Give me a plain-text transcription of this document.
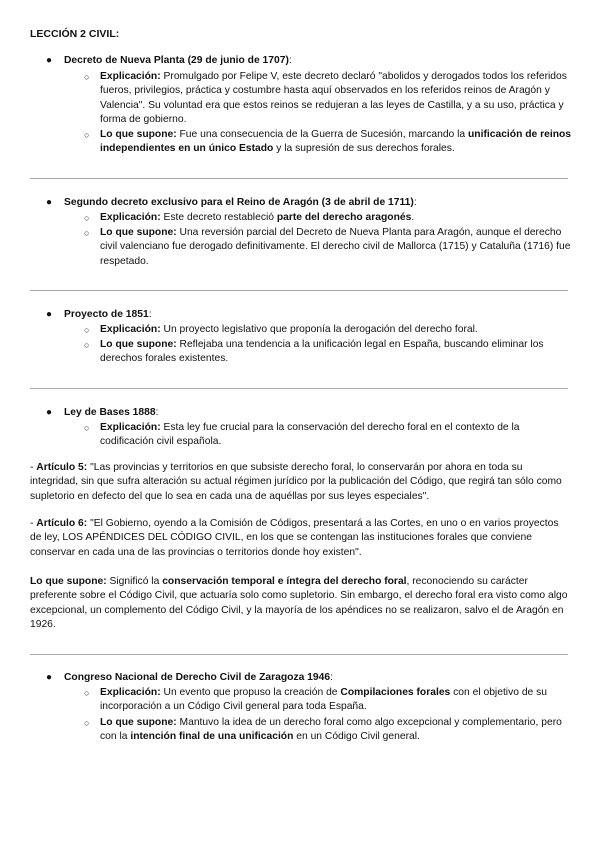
LECCIÓN 2 CIVIL:
●	Decreto de Nueva Planta (29 de junio de 1707):
○	Explicación: Promulgado por Felipe V, este decreto declaró "abolidos y derogados todos los referidos fueros, privilegios, práctica y costumbre hasta aquí observados en los referidos reinos de Aragón y Valencia". Su voluntad era que estos reinos se redujeran a las leyes de Castilla, y a su uso, práctica y forma de gobierno.
○	Lo que supone: Fue una consecuencia de la Guerra de Sucesión, marcando la unificación de reinos independientes en un único Estado y la supresión de sus derechos forales.
●	Segundo decreto exclusivo para el Reino de Aragón (3 de abril de 1711):
○	Explicación: Este decreto restableció parte del derecho aragonés.
○	Lo que supone: Una reversión parcial del Decreto de Nueva Planta para Aragón, aunque el derecho civil valenciano fue derogado definitivamente. El derecho civil de Mallorca (1715) y Cataluña (1716) fue respetado.
●	Proyecto de 1851:
○	Explicación: Un proyecto legislativo que proponía la derogación del derecho foral.
○	Lo que supone: Reflejaba una tendencia a la unificación legal en España, buscando eliminar los derechos forales existentes.
●	Ley de Bases 1888:
○	Explicación: Esta ley fue crucial para la conservación del derecho foral en el contexto de la codificación civil española.
- Artículo 5: "Las provincias y territorios en que subsiste derecho foral, lo conservarán por ahora en toda su integridad, sin que sufra alteración su actual régimen jurídico por la publicación del Código, que regirá tan sólo como supletorio en defecto del que lo sea en cada una de aquéllas por sus leyes especiales".
- Artículo 6: "El Gobierno, oyendo a la Comisión de Códigos, presentará a las Cortes, en uno o en varios proyectos de ley, LOS APÉNDICES DEL CÓDIGO CIVIL, en los que se contengan las instituciones forales que conviene conservar en cada una de las provincias o territorios donde hoy existen".
Lo que supone: Significó la conservación temporal e íntegra del derecho foral, reconociendo su carácter preferente sobre el Código Civil, que actuaría solo como supletorio. Sin embargo, el derecho foral era visto como algo excepcional, un complemento del Código Civil, y la mayoría de los apéndices no se realizaron, salvo el de Aragón en 1926.
●	Congreso Nacional de Derecho Civil de Zaragoza 1946:
○	Explicación: Un evento que propuso la creación de Compilaciones forales con el objetivo de su incorporación a un Código Civil general para toda España.
○	Lo que supone: Mantuvo la idea de un derecho foral como algo excepcional y complementario, pero con la intención final de una unificación en un Código Civil general.
